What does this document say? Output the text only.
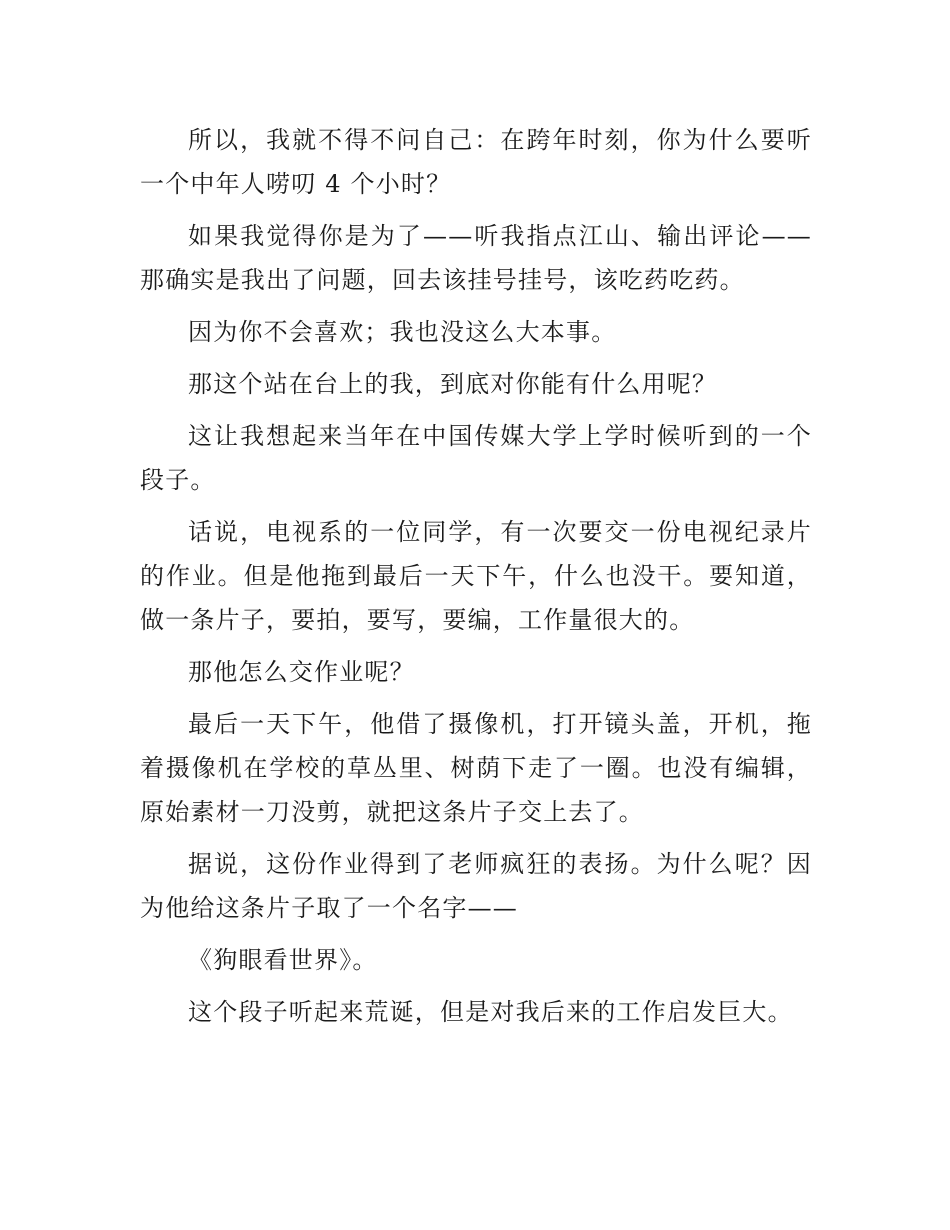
所以，我就不得不问自己：在跨年时刻，你为什么要听一个中年人唠叨 4 个小时？

如果我觉得你是为了——听我指点江山、输出评论——那确实是我出了问题，回去该挂号挂号，该吃药吃药。

因为你不会喜欢；我也没这么大本事。

那这个站在台上的我，到底对你能有什么用呢？

这让我想起来当年在中国传媒大学上学时候听到的一个段子。

话说，电视系的一位同学，有一次要交一份电视纪录片的作业。但是他拖到最后一天下午，什么也没干。要知道，做一条片子，要拍，要写，要编，工作量很大的。

那他怎么交作业呢？

最后一天下午，他借了摄像机，打开镜头盖，开机，拖着摄像机在学校的草丛里、树荫下走了一圈。也没有编辑，原始素材一刀没剪，就把这条片子交上去了。

据说，这份作业得到了老师疯狂的表扬。为什么呢？因为他给这条片子取了一个名字——

《狗眼看世界》。

这个段子听起来荒诞，但是对我后来的工作启发巨大。
